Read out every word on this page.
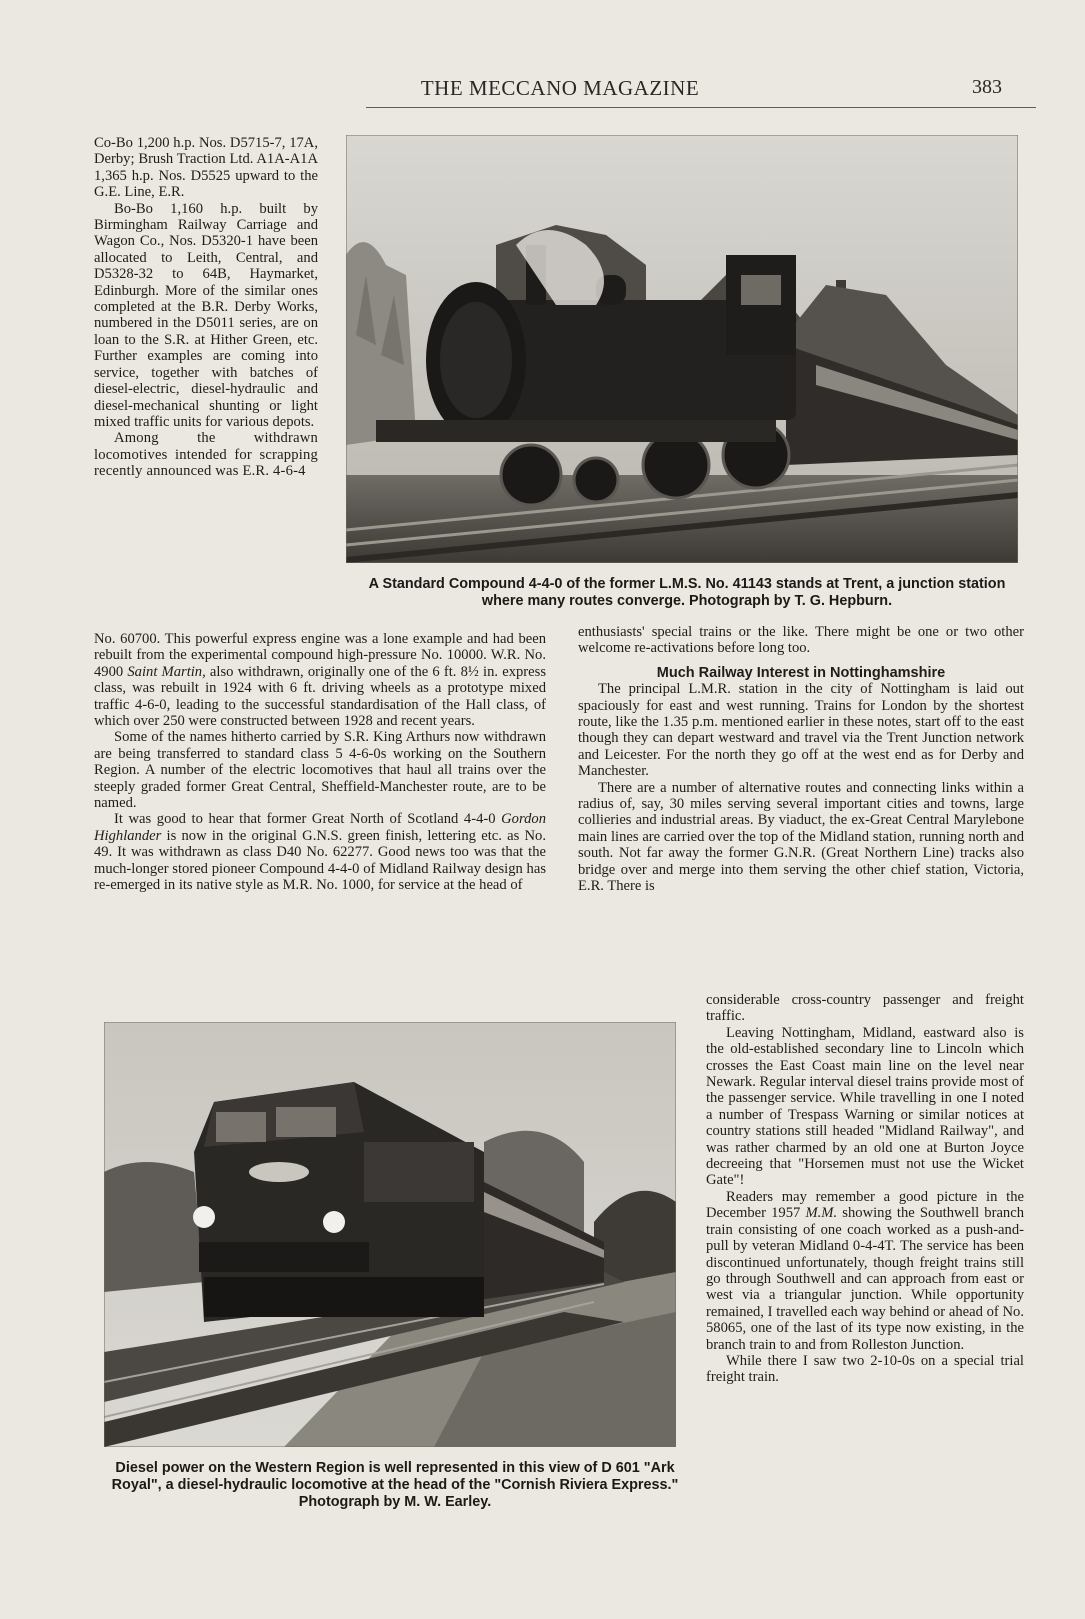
THE MECCANO MAGAZINE	383

Co-Bo 1,200 h.p. Nos. D5715-7, 17A, Derby; Brush Traction Ltd. A1A-A1A 1,365 h.p. Nos. D5525 upward to the G.E. Line, E.R.

Bo-Bo 1,160 h.p. built by Birmingham Railway Carriage and Wagon Co., Nos. D5320-1 have been allocated to Leith, Central, and D5328-32 to 64B, Haymarket, Edinburgh. More of the similar ones completed at the B.R. Derby Works, numbered in the D5011 series, are on loan to the S.R. at Hither Green, etc. Further examples are coming into service, together with batches of diesel-electric, diesel-hydraulic and diesel-mechanical shunting or light mixed traffic units for various depots.

Among the withdrawn locomotives intended for scrapping recently announced was E.R. 4-6-4

A Standard Compound 4-4-0 of the former L.M.S. No. 41143 stands at Trent, a junction station where many routes converge. Photograph by T. G. Hepburn.

No. 60700. This powerful express engine was a lone example and had been rebuilt from the experimental compound high-pressure No. 10000. W.R. No. 4900 Saint Martin, also withdrawn, originally one of the 6 ft. 8½ in. express class, was rebuilt in 1924 with 6 ft. driving wheels as a prototype mixed traffic 4-6-0, leading to the successful standardisation of the Hall class, of which over 250 were constructed between 1928 and recent years.

Some of the names hitherto carried by S.R. King Arthurs now withdrawn are being transferred to standard class 5 4-6-0s working on the Southern Region. A number of the electric locomotives that haul all trains over the steeply graded former Great Central, Sheffield-Manchester route, are to be named.

It was good to hear that former Great North of Scotland 4-4-0 Gordon Highlander is now in the original G.N.S. green finish, lettering etc. as No. 49. It was withdrawn as class D40 No. 62277. Good news too was that the much-longer stored pioneer Compound 4-4-0 of Midland Railway design has re-emerged in its native style as M.R. No. 1000, for service at the head of

enthusiasts' special trains or the like. There might be one or two other welcome re-activations before long too.

Much Railway Interest in Nottinghamshire

The principal L.M.R. station in the city of Nottingham is laid out spaciously for east and west running. Trains for London by the shortest route, like the 1.35 p.m. mentioned earlier in these notes, start off to the east though they can depart westward and travel via the Trent Junction network and Leicester. For the north they go off at the west end as for Derby and Manchester.

There are a number of alternative routes and connecting links within a radius of, say, 30 miles serving several important cities and towns, large collieries and industrial areas. By viaduct, the ex-Great Central Marylebone main lines are carried over the top of the Midland station, running north and south. Not far away the former G.N.R. (Great Northern Line) tracks also bridge over and merge into them serving the other chief station, Victoria, E.R. There is

considerable cross-country passenger and freight traffic.

Leaving Nottingham, Midland, eastward also is the old-established secondary line to Lincoln which crosses the East Coast main line on the level near Newark. Regular interval diesel trains provide most of the passenger service. While travelling in one I noted a number of Trespass Warning or similar notices at country stations still headed "Midland Railway", and was rather charmed by an old one at Burton Joyce decreeing that "Horsemen must not use the Wicket Gate"!

Readers may remember a good picture in the December 1957 M.M. showing the Southwell branch train consisting of one coach worked as a push-and-pull by veteran Midland 0-4-4T. The service has been discontinued unfortunately, though freight trains still go through Southwell and can approach from east or west via a triangular junction. While opportunity remained, I travelled each way behind or ahead of No. 58065, one of the last of its type now existing, in the branch train to and from Rolleston Junction.

While there I saw two 2-10-0s on a special trial freight train.

Diesel power on the Western Region is well represented in this view of D 601 "Ark Royal", a diesel-hydraulic locomotive at the head of the "Cornish Riviera Express." Photograph by M. W. Earley.
